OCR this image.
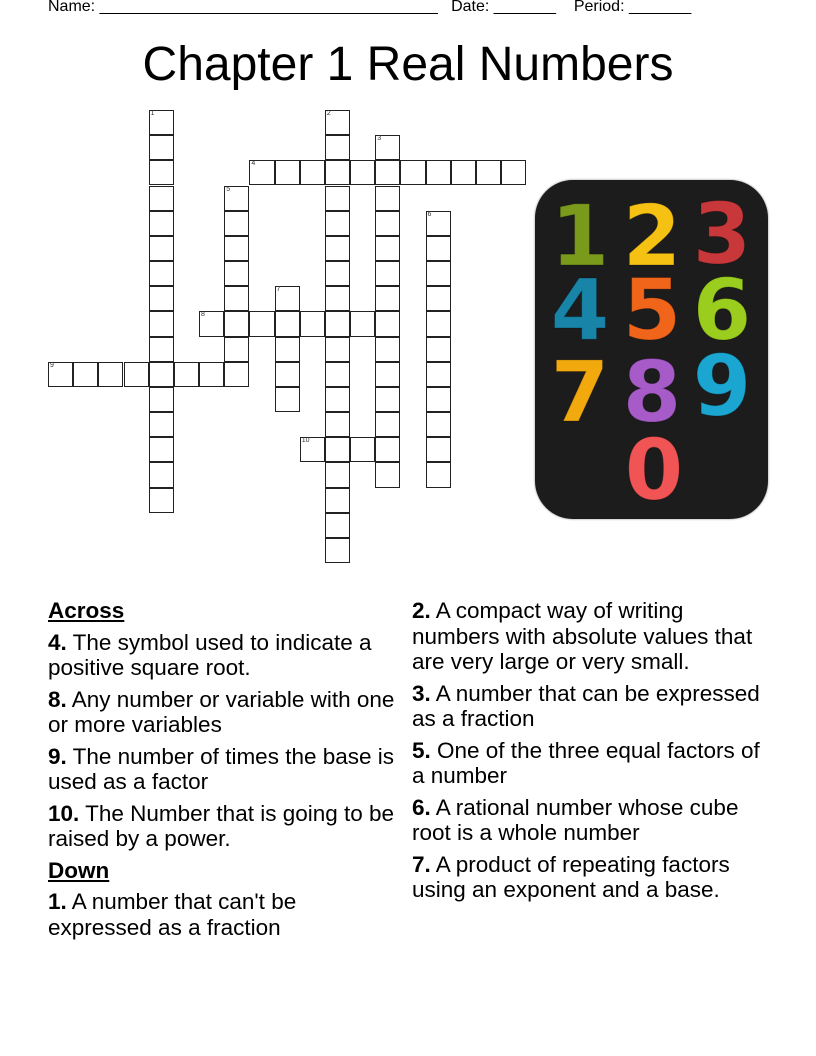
Name: ______________________________________ Date: _______ Period: _______
Chapter 1 Real Numbers
1	2
3
4
5
6
7
8
9
10
1 2 3
4 5 6
7 8 9
0
Across
4. The symbol used to indicate a positive square root.
8. Any number or variable with one or more variables
9. The number of times the base is used as a factor
10. The Number that is going to be raised by a power.
Down
1. A number that can't be expressed as a fraction
2. A compact way of writing numbers with absolute values that are very large or very small.
3. A number that can be expressed as a fraction
5. One of the three equal factors of a number
6. A rational number whose cube root is a whole number
7. A product of repeating factors using an exponent and a base.
